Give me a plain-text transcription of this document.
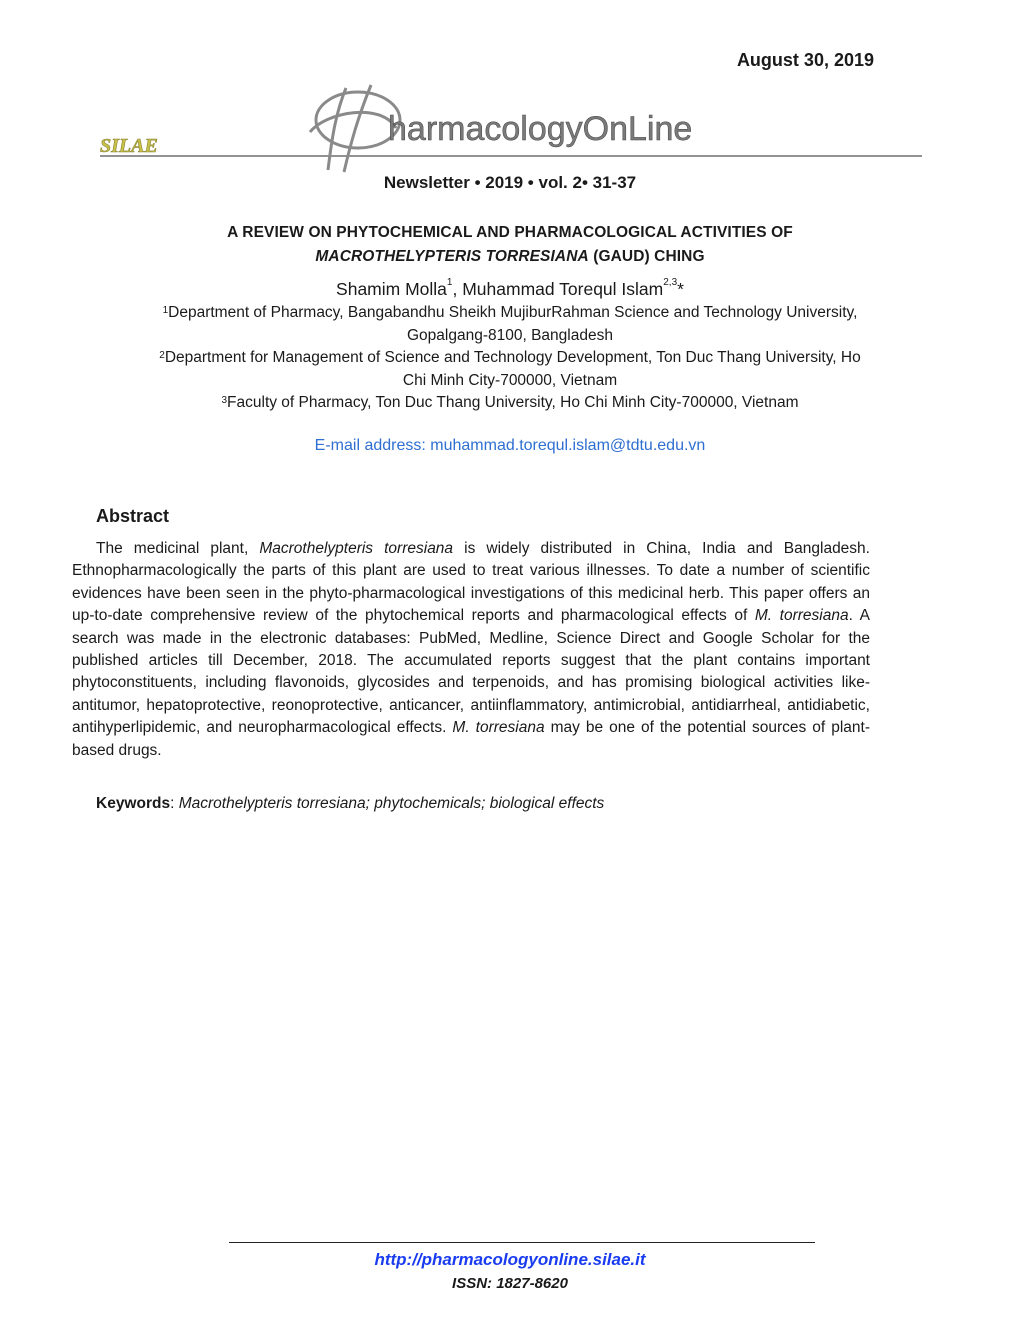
August 30, 2019
SILAE	harmacologyOnLine
Newsletter • 2019 • vol. 2• 31-37
A REVIEW ON PHYTOCHEMICAL AND PHARMACOLOGICAL ACTIVITIES OF
MACROTHELYPTERIS TORRESIANA (GAUD) CHING
Shamim Molla$^1$, Muhammad Torequl Islam$^{2,3}$*
$^1$Department of Pharmacy, Bangabandhu Sheikh MujiburRahman Science and Technology University,
Gopalgang-8100, Bangladesh
$^2$Department for Management of Science and Technology Development, Ton Duc Thang University, Ho
Chi Minh City-700000, Vietnam
$^3$Faculty of Pharmacy, Ton Duc Thang University, Ho Chi Minh City-700000, Vietnam
E-mail address: muhammad.torequl.islam@tdtu.edu.vn
Abstract
The medicinal plant, Macrothelypteris torresiana is widely distributed in China, India and Bangladesh. Ethnopharmacologically the parts of this plant are used to treat various illnesses. To date a number of scientific evidences have been seen in the phyto-pharmacological investigations of this medicinal herb. This paper offers an up-to-date comprehensive review of the phytochemical reports and pharmacological effects of M. torresiana. A search was made in the electronic databases: PubMed, Medline, Science Direct and Google Scholar for the published articles till December, 2018. The accumulated reports suggest that the plant contains important phytoconstituents, including flavonoids, glycosides and terpenoids, and has promising biological activities like- antitumor, hepatoprotective, reonoprotective, anticancer, antiinflammatory, antimicrobial, antidiarrheal, antidiabetic, antihyperlipidemic, and neuropharmacological effects. M. torresiana may be one of the potential sources of plant-based drugs.
Keywords: Macrothelypteris torresiana; phytochemicals; biological effects
http://pharmacologyonline.silae.it
ISSN: 1827-8620
